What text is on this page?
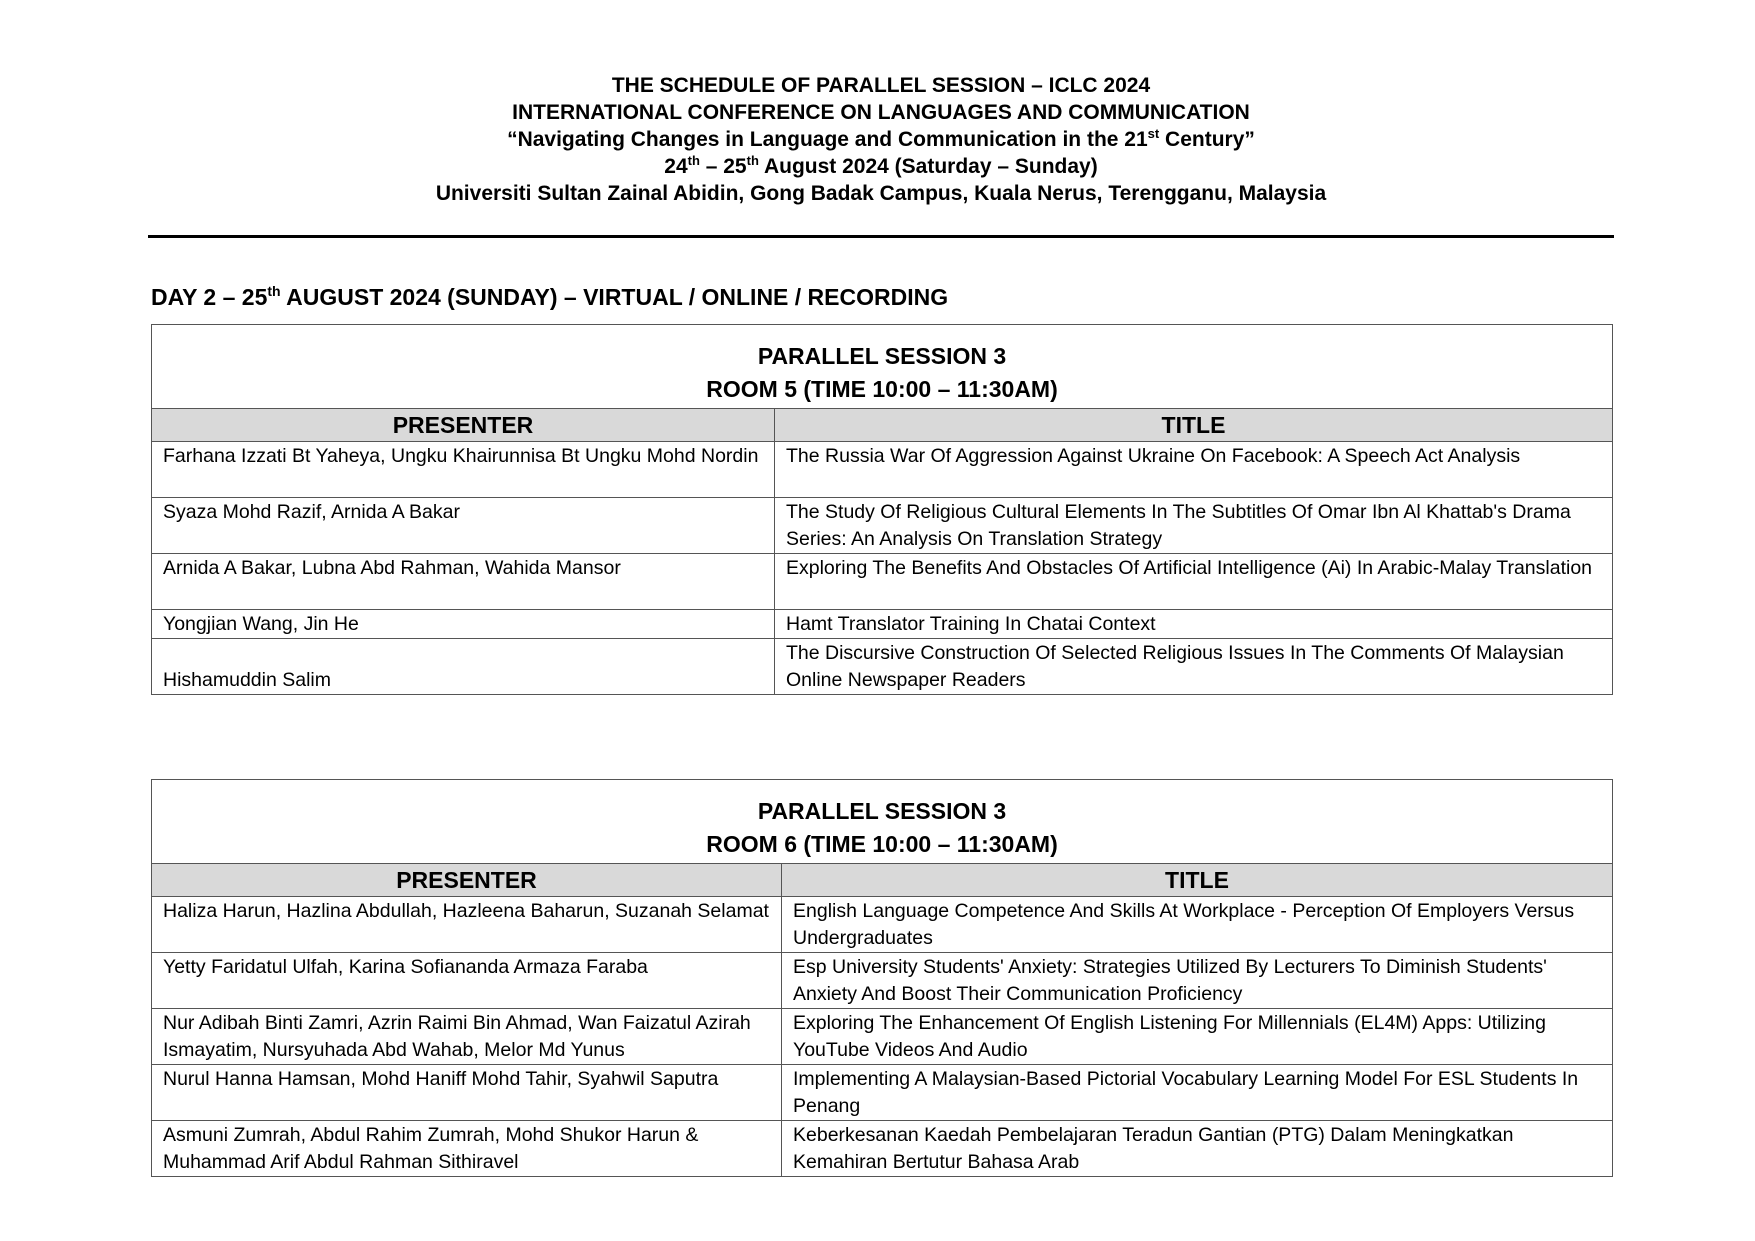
THE SCHEDULE OF PARALLEL SESSION – ICLC 2024
INTERNATIONAL CONFERENCE ON LANGUAGES AND COMMUNICATION
“Navigating Changes in Language and Communication in the 21st Century”
24th – 25th August 2024 (Saturday – Sunday)
Universiti Sultan Zainal Abidin, Gong Badak Campus, Kuala Nerus, Terengganu, Malaysia
DAY 2 – 25th AUGUST 2024 (SUNDAY) – VIRTUAL / ONLINE / RECORDING
PARALLEL SESSION 3
ROOM 5 (TIME 10:00 – 11:30AM)	

PRESENTER	TITLE
Farhana Izzati Bt Yaheya, Ungku Khairunnisa Bt Ungku Mohd Nordin	The Russia War Of Aggression Against Ukraine On Facebook: A Speech Act Analysis
Syaza Mohd Razif, Arnida A Bakar	The Study Of Religious Cultural Elements In The Subtitles Of Omar Ibn Al Khattab's Drama Series: An Analysis On Translation Strategy
Arnida A Bakar, Lubna Abd Rahman, Wahida Mansor	Exploring The Benefits And Obstacles Of Artificial Intelligence (Ai) In Arabic-Malay Translation
Yongjian Wang, Jin He	Hamt Translator Training In Chatai Context
Hishamuddin Salim	The Discursive Construction Of Selected Religious Issues In The Comments Of Malaysian Online Newspaper Readers
PARALLEL SESSION 3
ROOM 6 (TIME 10:00 – 11:30AM)	

PRESENTER	TITLE
Haliza Harun, Hazlina Abdullah, Hazleena Baharun, Suzanah Selamat	English Language Competence And Skills At Workplace - Perception Of Employers Versus Undergraduates
Yetty Faridatul Ulfah, Karina Sofiananda Armaza Faraba	Esp University Students' Anxiety: Strategies Utilized By Lecturers To Diminish Students' Anxiety And Boost Their Communication Proficiency
Nur Adibah Binti Zamri, Azrin Raimi Bin Ahmad, Wan Faizatul Azirah Ismayatim, Nursyuhada Abd Wahab, Melor Md Yunus	Exploring The Enhancement Of English Listening For Millennials (EL4M) Apps: Utilizing YouTube Videos And Audio
Nurul Hanna Hamsan, Mohd Haniff Mohd Tahir, Syahwil Saputra	Implementing A Malaysian-Based Pictorial Vocabulary Learning Model For ESL Students In Penang
Asmuni Zumrah, Abdul Rahim Zumrah, Mohd Shukor Harun & Muhammad Arif Abdul Rahman Sithiravel	Keberkesanan Kaedah Pembelajaran Teradun Gantian (PTG) Dalam Meningkatkan Kemahiran Bertutur Bahasa Arab
